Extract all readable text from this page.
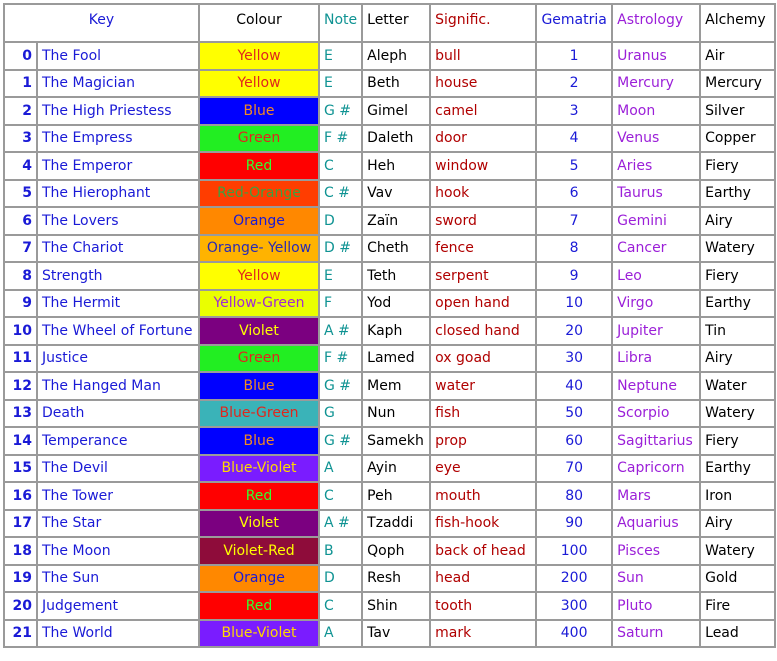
Key		Colour	Note	Letter	Signific.	Gematria	Astrology	Alchemy
0	The Fool	Yellow	E	Aleph	bull	1	Uranus	Air
1	The Magician	Yellow	E	Beth	house	2	Mercury	Mercury
2	The High Priestess	Blue	G #	Gimel	camel	3	Moon	Silver
3	The Empress	Green	F #	Daleth	door	4	Venus	Copper
4	The Emperor	Red	C	Heh	window	5	Aries	Fiery
5	The Hierophant	Red-Orange	C #	Vav	hook	6	Taurus	Earthy
6	The Lovers	Orange	D	Zaïn	sword	7	Gemini	Airy
7	The Chariot	Orange- Yellow	D #	Cheth	fence	8	Cancer	Watery
8	Strength	Yellow	E	Teth	serpent	9	Leo	Fiery
9	The Hermit	Yellow-Green	F	Yod	open hand	10	Virgo	Earthy
10	The Wheel of Fortune	Violet	A #	Kaph	closed hand	20	Jupiter	Tin
11	Justice	Green	F #	Lamed	ox goad	30	Libra	Airy
12	The Hanged Man	Blue	G #	Mem	water	40	Neptune	Water
13	Death	Blue-Green	G	Nun	fish	50	Scorpio	Watery
14	Temperance	Blue	G #	Samekh	prop	60	Sagittarius	Fiery
15	The Devil	Blue-Violet	A	Ayin	eye	70	Capricorn	Earthy
16	The Tower	Red	C	Peh	mouth	80	Mars	Iron
17	The Star	Violet	A #	Tzaddi	fish-hook	90	Aquarius	Airy
18	The Moon	Violet-Red	B	Qoph	back of head	100	Pisces	Watery
19	The Sun	Orange	D	Resh	head	200	Sun	Gold
20	Judgement	Red	C	Shin	tooth	300	Pluto	Fire
21	The World	Blue-Violet	A	Tav	mark	400	Saturn	Lead
